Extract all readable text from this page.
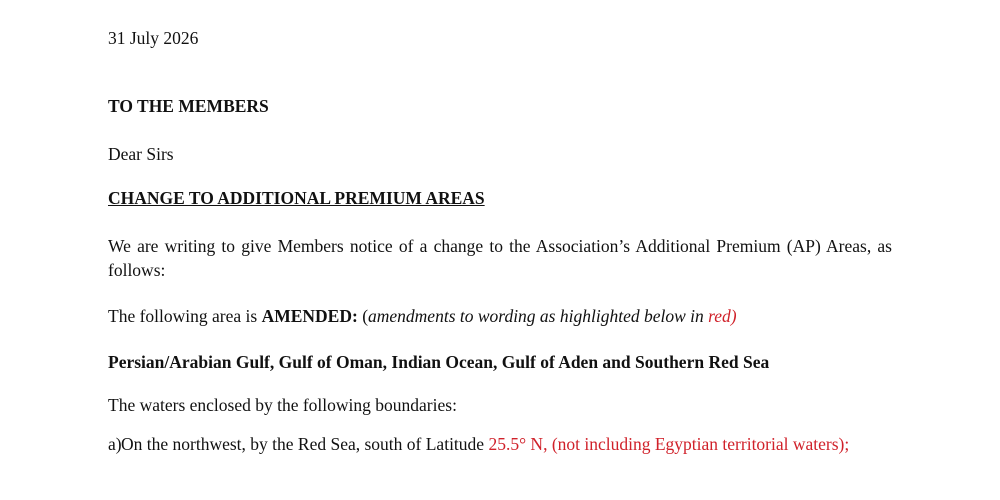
31 July 2026
TO THE MEMBERS
Dear Sirs
CHANGE TO ADDITIONAL PREMIUM AREAS
We are writing to give Members notice of a change to the Association’s Additional Premium (AP) Areas, as follows:
The following area is AMENDED: (amendments to wording as highlighted below in red)
Persian/Arabian Gulf, Gulf of Oman, Indian Ocean, Gulf of Aden and Southern Red Sea
The waters enclosed by the following boundaries:
a) On the northwest, by the Red Sea, south of Latitude 25.5° N, (not including Egyptian territorial waters);
